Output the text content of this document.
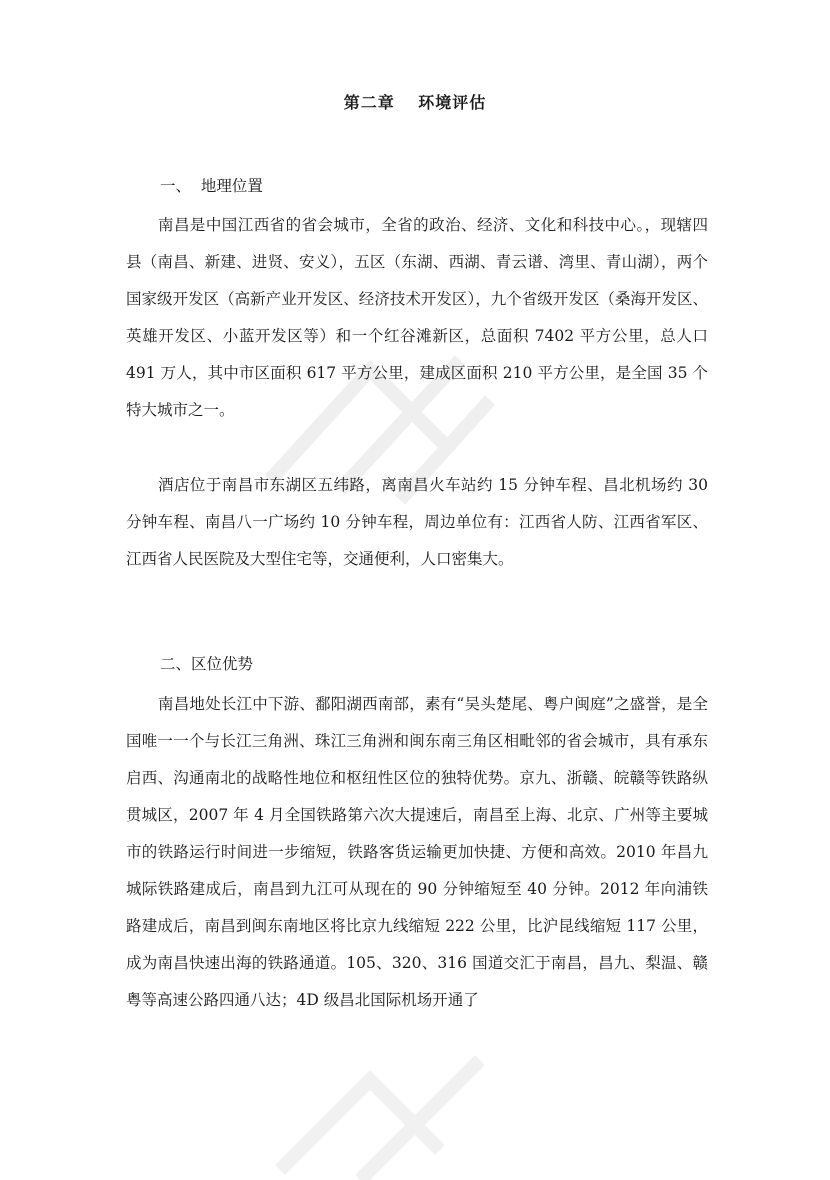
第二章　 环境评估
一、  地理位置

南昌是中国江西省的省会城市，全省的政治、经济、文化和科技中心。，现辖四县（南昌、新建、进贤、安义），五区（东湖、西湖、青云谱、湾里、青山湖），两个国家级开发区（高新产业开发区、经济技术开发区），九个省级开发区（桑海开发区、英雄开发区、小蓝开发区等）和一个红谷滩新区，总面积 7402 平方公里，总人口 491 万人，其中市区面积 617 平方公里，建成区面积 210 平方公里，是全国 35 个特大城市之一。

酒店位于南昌市东湖区五纬路，离南昌火车站约 15 分钟车程、昌北机场约 30 分钟车程、南昌八一广场约 10 分钟车程，周边单位有：江西省人防、江西省军区、江西省人民医院及大型住宅等，交通便利，人口密集大。

二、区位优势

南昌地处长江中下游、鄱阳湖西南部，素有“吴头楚尾、粤户闽庭”之盛誉，是全国唯一一个与长江三角洲、珠江三角洲和闽东南三角区相毗邻的省会城市，具有承东启西、沟通南北的战略性地位和枢纽性区位的独特优势。京九、浙赣、皖赣等铁路纵贯城区，2007 年 4 月全国铁路第六次大提速后，南昌至上海、北京、广州等主要城市的铁路运行时间进一步缩短，铁路客货运输更加快捷、方便和高效。2010 年昌九城际铁路建成后，南昌到九江可从现在的 90 分钟缩短至 40 分钟。2012 年向浦铁路建成后，南昌到闽东南地区将比京九线缩短 222 公里，比沪昆线缩短 117 公里，成为南昌快速出海的铁路通道。105、320、316 国道交汇于南昌，昌九、梨温、赣粤等高速公路四通八达；4D 级昌北国际机场开通了
